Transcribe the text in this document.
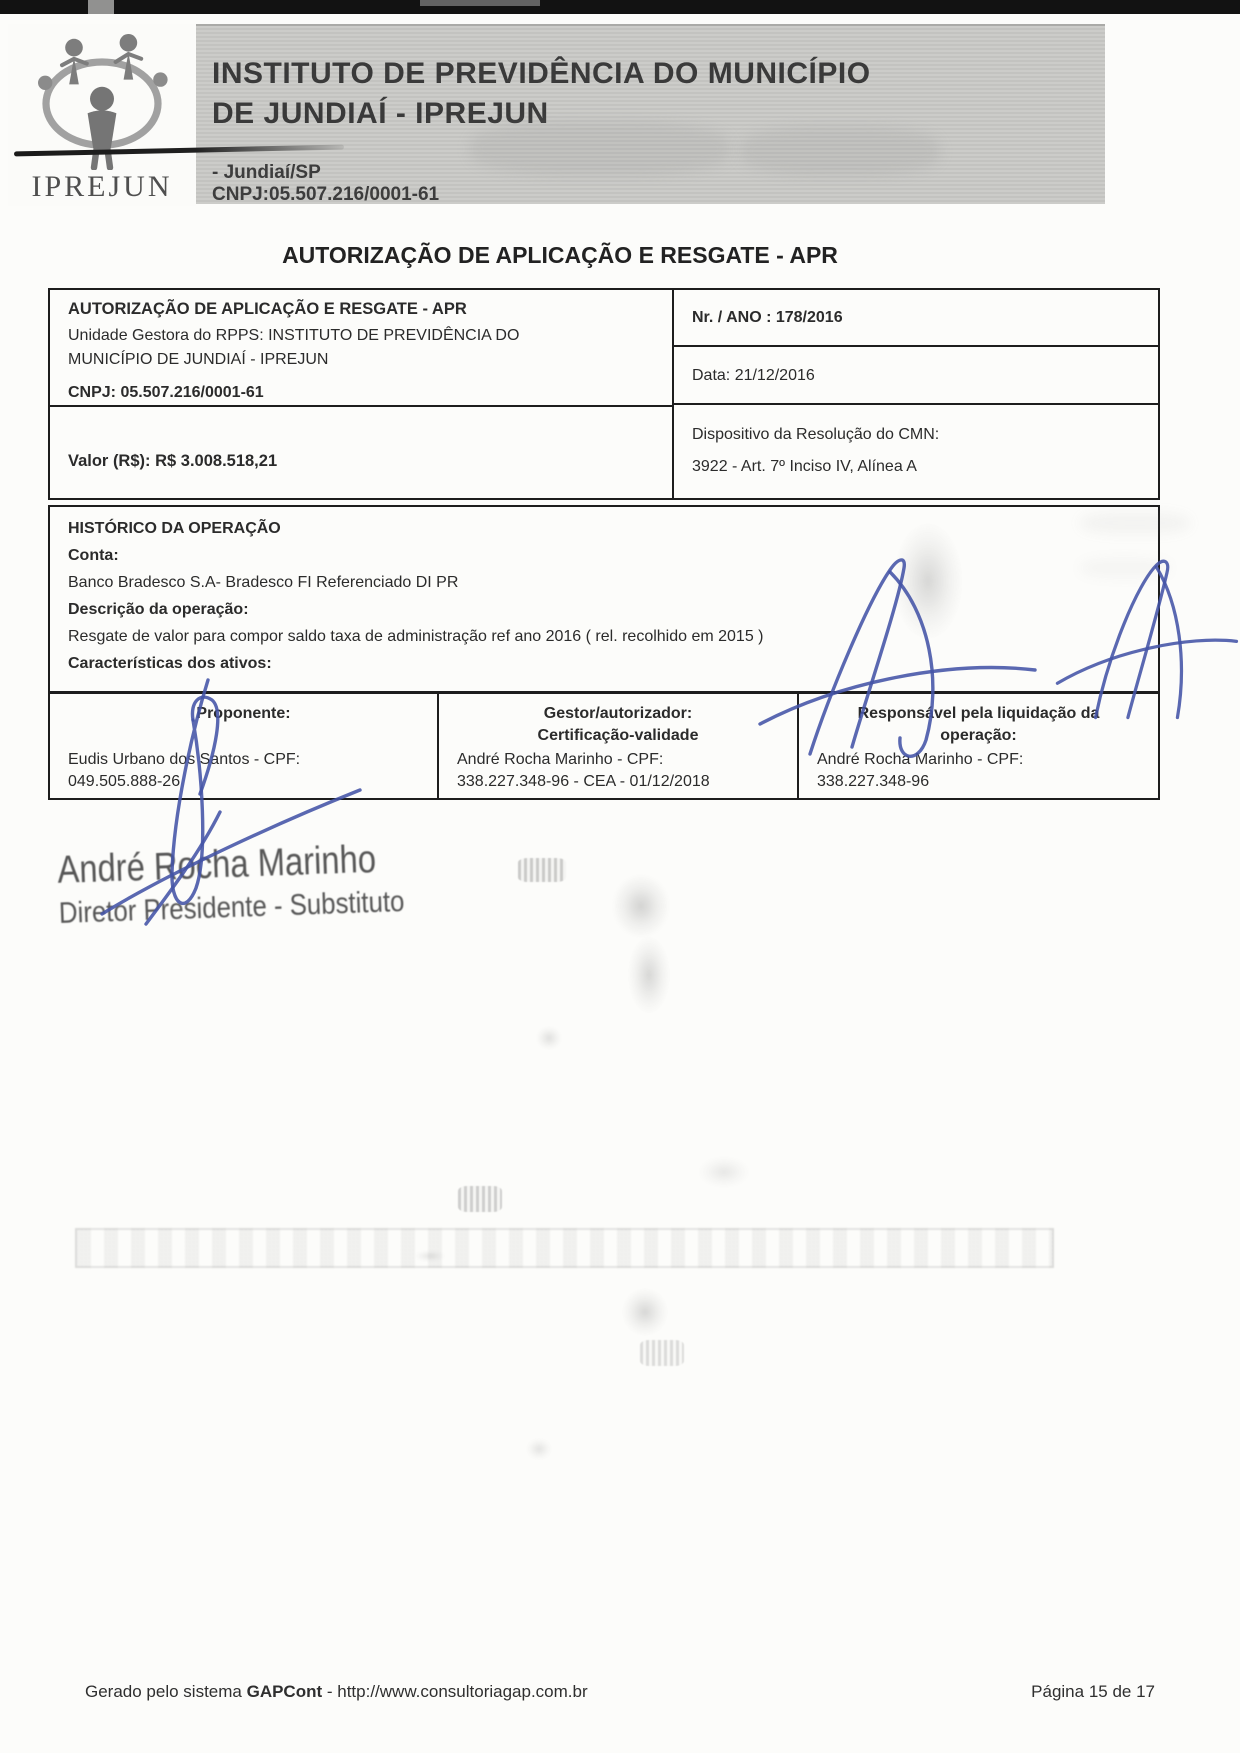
INSTITUTO DE PREVIDÊNCIA DO MUNICÍPIO
DE JUNDIAÍ - IPREJUN
- Jundiaí/SP
CNPJ:05.507.216/0001-61
IPREJUN
AUTORIZAÇÃO DE APLICAÇÃO E RESGATE - APR
AUTORIZAÇÃO DE APLICAÇÃO E RESGATE - APR
Unidade Gestora do RPPS: INSTITUTO DE PREVIDÊNCIA DO
MUNICÍPIO DE JUNDIAÍ - IPREJUN
CNPJ: 05.507.216/0001-61
Valor (R$): R$ 3.008.518,21
Nr. / ANO : 178/2016
Data: 21/12/2016
Dispositivo da Resolução do CMN:
3922 - Art. 7º Inciso IV, Alínea A
HISTÓRICO DA OPERAÇÃO
Conta:
Banco Bradesco S.A- Bradesco FI Referenciado DI PR
Descrição da operação:
Resgate de valor para compor saldo taxa de administração ref ano 2016 ( rel. recolhido em 2015 )
Características dos ativos:
Proponente:
Eudis Urbano dos Santos - CPF:
049.505.888-26
Gestor/autorizador:
Certificação-validade
André Rocha Marinho - CPF:
338.227.348-96 - CEA - 01/12/2018
Responsável pela liquidação da
operação:
André Rocha Marinho - CPF:
338.227.348-96
André Rocha Marinho
Diretor Presidente - Substituto
Gerado pelo sistema GAPCont - http://www.consultoriagap.com.br	Página 15 de 17
